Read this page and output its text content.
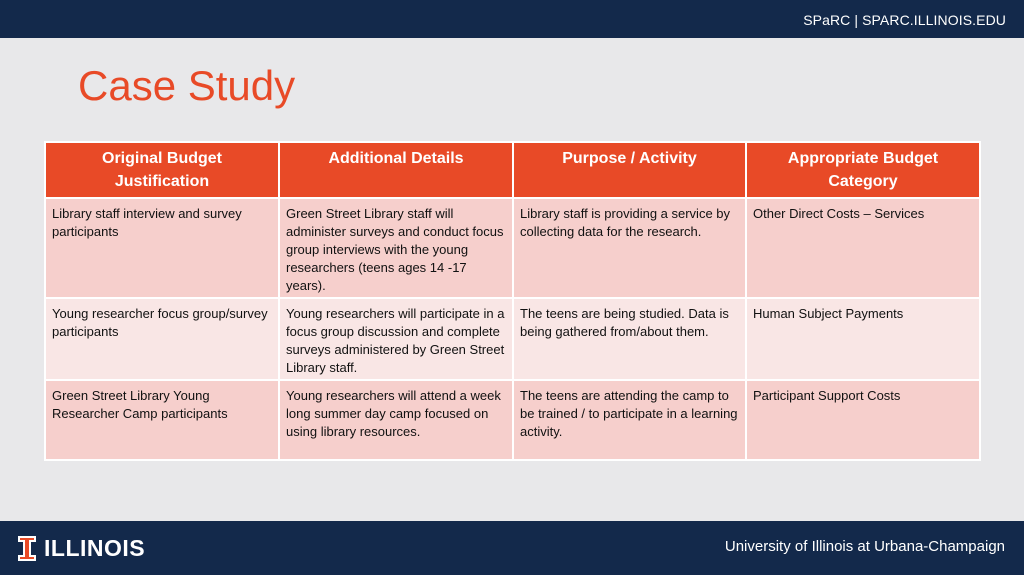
SPaRC | SPARC.ILLINOIS.EDU
Case Study
Original Budget Justification	Additional Details	Purpose / Activity	Appropriate Budget Category
Library staff interview and survey participants	Green Street Library staff will administer surveys and conduct focus group interviews with the young researchers (teens ages 14 -17 years).	Library staff is providing a service by collecting data for the research.	Other Direct Costs – Services
Young researcher focus group/survey participants	Young researchers will participate in a focus group discussion and complete surveys administered by Green Street Library staff.	The teens are being studied. Data is being gathered from/about them.	Human Subject Payments
Green Street Library Young Researcher Camp participants	Young researchers will attend a week long summer day camp focused on using library resources.	The teens are attending the camp to be trained / to participate in a learning activity.	Participant Support Costs
ILLINOIS	University of Illinois at Urbana-Champaign
